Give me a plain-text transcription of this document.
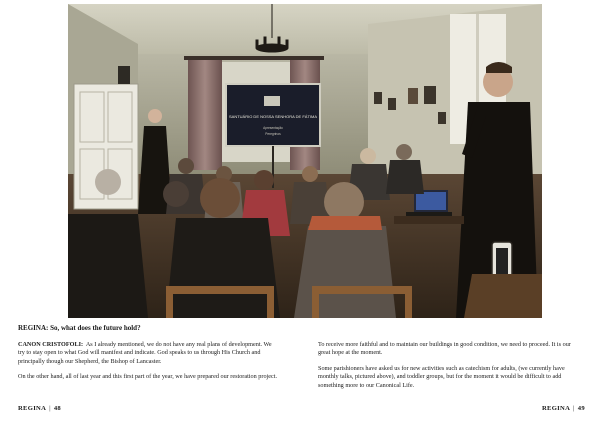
SANTUÁRIO DE NOSSA SENHORA DE FÁTIMA
Apresentação
Peregrinos
REGINA: So, what does the future hold?

CANON CRISTOFOLI: As I already mentioned, we do not have any real plans of development. We try to stay open to what God will manifest and indicate. God speaks to us through His Church and principally though our Shepherd, the Bishop of Lancaster.

On the other hand, all of last year and this first part of the year, we have prepared our restoration project.

To receive more faithful and to maintain our buildings in good condition, we need to proceed. It is our great hope at the moment.

Some parishioners have asked us for new activities such as catechism for adults, (we currently have monthly talks, pictured above), and toddler groups, but for the moment it would be difficult to add something more to our Canonical Life.

REGINA | 48	REGINA | 49
